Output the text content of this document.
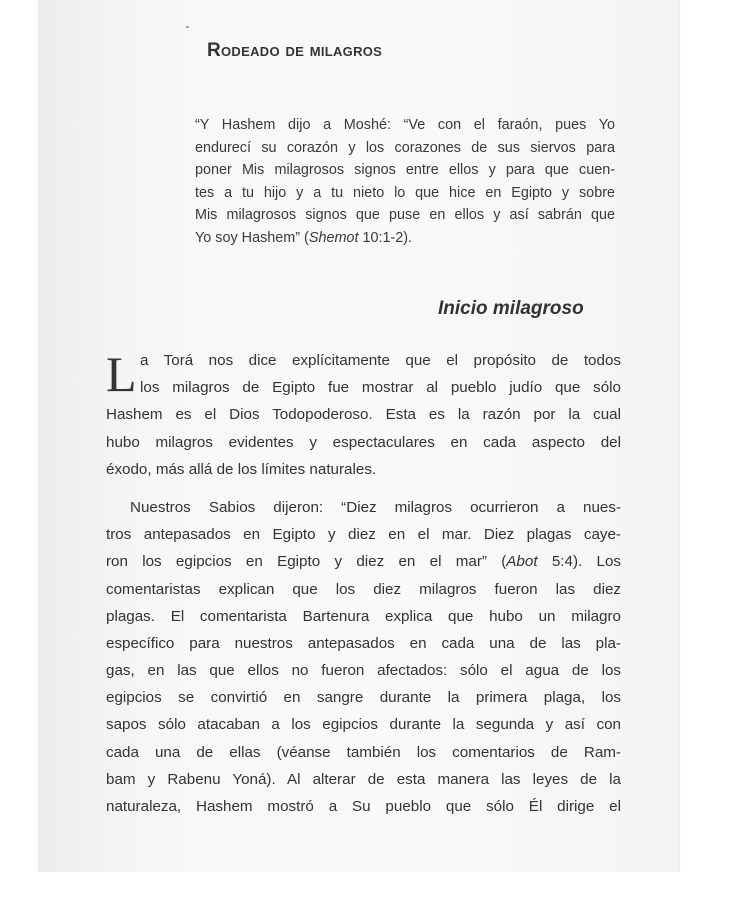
Rodeado de milagros
“Y Hashem dijo a Moshé: “Ve con el faraón, pues Yo
endurecí su corazón y los corazones de sus siervos para
poner Mis milagrosos signos entre ellos y para que cuen-
tes a tu hijo y a tu nieto lo que hice en Egipto y sobre
Mis milagrosos signos que puse en ellos y así sabrán que
Yo soy Hashem” (Shemot 10:1-2).
Inicio milagroso
L a Torá nos dice explícitamente que el propósito de todos
los milagros de Egipto fue mostrar al pueblo judío que sólo
Hashem es el Dios Todopoderoso. Esta es la razón por la cual
hubo milagros evidentes y espectaculares en cada aspecto del
éxodo, más allá de los límites naturales.
Nuestros Sabios dijeron: “Diez milagros ocurrieron a nues-
tros antepasados en Egipto y diez en el mar. Diez plagas caye-
ron los egipcios en Egipto y diez en el mar” (Abot 5:4). Los
comentaristas explican que los diez milagros fueron las diez
plagas. El comentarista Bartenura explica que hubo un milagro
específico para nuestros antepasados en cada una de las pla-
gas, en las que ellos no fueron afectados: sólo el agua de los
egipcios se convirtió en sangre durante la primera plaga, los
sapos sólo atacaban a los egipcios durante la segunda y así con
cada una de ellas (véanse también los comentarios de Ram-
bam y Rabenu Yoná). Al alterar de esta manera las leyes de la
naturaleza, Hashem mostró a Su pueblo que sólo Él dirige el
